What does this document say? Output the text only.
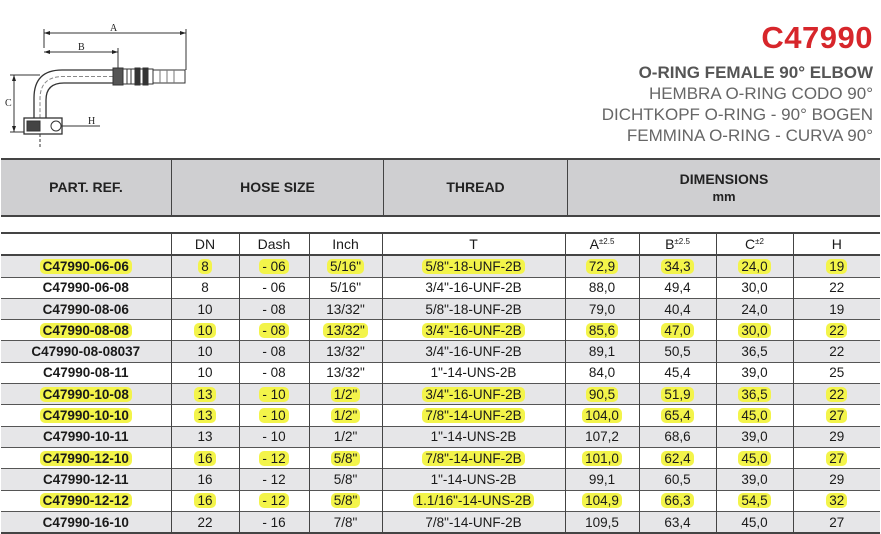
A
B
C
H
C47990
O-RING FEMALE 90° ELBOW
HEMBRA O-RING CODO 90°
DICHTKOPF O-RING - 90° BOGEN
FEMMINA O-RING - CURVA 90°
PART. REF.	HOSE SIZE	THREAD
DIMENSIONS
mm
	DN	Dash	Inch	T	$A^{\pm 2.5}$	$B^{\pm 2.5}$	$C^{\pm 2}$	H
C47990-06-06	8	- 06	5/16"	5/8"-18-UNF-2B	72,9	34,3	24,0	19
C47990-06-08	8	- 06	5/16"	3/4"-16-UNF-2B	88,0	49,4	30,0	22
C47990-08-06	10	- 08	13/32"	5/8"-18-UNF-2B	79,0	40,4	24,0	19
C47990-08-08	10	- 08	13/32"	3/4"-16-UNF-2B	85,6	47,0	30,0	22
C47990-08-08037	10	- 08	13/32"	3/4"-16-UNF-2B	89,1	50,5	36,5	22
C47990-08-11	10	- 08	13/32"	1"-14-UNS-2B	84,0	45,4	39,0	25
C47990-10-08	13	- 10	1/2"	3/4"-16-UNF-2B	90,5	51,9	36,5	22
C47990-10-10	13	- 10	1/2"	7/8"-14-UNF-2B	104,0	65,4	45,0	27
C47990-10-11	13	- 10	1/2"	1"-14-UNS-2B	107,2	68,6	39,0	29
C47990-12-10	16	- 12	5/8"	7/8"-14-UNF-2B	101,0	62,4	45,0	27
C47990-12-11	16	- 12	5/8"	1"-14-UNS-2B	99,1	60,5	39,0	29
C47990-12-12	16	- 12	5/8"	1.1/16"-14-UNS-2B	104,9	66,3	54,5	32
C47990-16-10	22	- 16	7/8"	7/8"-14-UNF-2B	109,5	63,4	45,0	27
